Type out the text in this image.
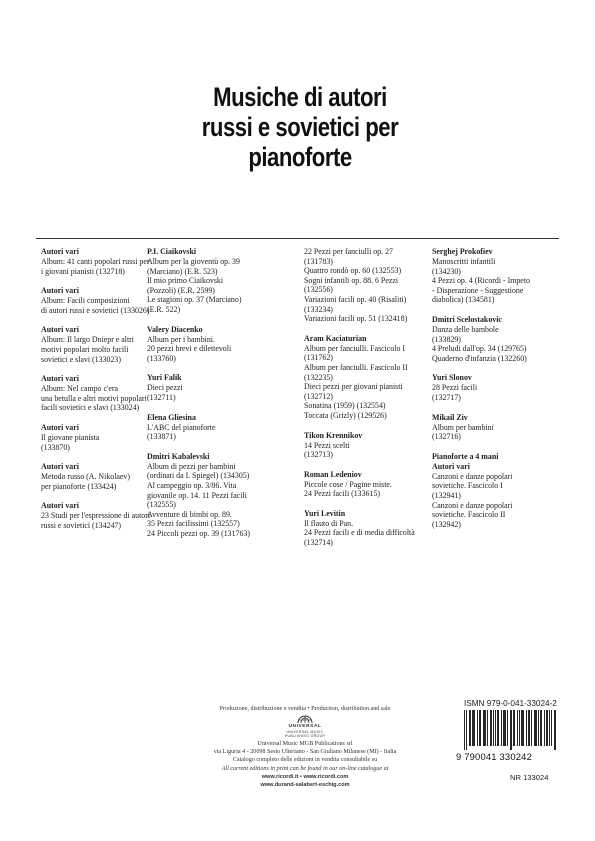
Musiche di autori
russi e sovietici per
pianoforte
Autori vari
Album: 41 canti popolari russi per
i giovani pianisti (132718)
Autori vari
Album: Facili composizioni
di autori russi e sovietici (133026)
Autori vari
Album: Il largo Dniepr e altri
motivi popolari molto facili
sovietici e slavi (133023)
Autori vari
Album: Nel campo c'era
una betulla e altri motivi popolari
facili sovietici e slavi (133024)
Autori vari
Il giovane pianista
(133870)
Autori vari
Metodo russo (A. Nikolaev)
per pianoforte (133424)
Autori vari
23 Studi per l'espressione di autori
russi e sovietici (134247)
P.I. Ciaikovski
Album per la gioventù op. 39
(Marciano) (E.R. 523)
Il mio primo Ciaikovski
(Pozzoli) (E.R. 2599)
Le stagioni op. 37 (Marciano)
(E.R. 522)
Valery Diacenko
Album per i bambini.
20 pezzi brevi e dilettevoli
(133760)
Yuri Falik
Dieci pezzi
(132711)
Elena Gliesina
L'ABC del pianoforte
(133871)
Dmitri Kabalevski
Album di pezzi per bambini
(ordinati da I. Spiegel) (134305)
Al campeggio op. 3/86. Vita
giovanile op. 14. 11 Pezzi facili
(132555)
Avventure di bimbi op. 89.
35 Pezzi facilissimi (132557)
24 Piccoli pezzi op. 39 (131763)
22 Pezzi per fanciulli op. 27
(131783)
Quattro rondò op. 60 (132553)
Sogni infantili op. 88. 6 Pezzi
(132556)
Variazioni facili op. 40 (Risaliti)
(133234)
Variazioni facili op. 51 (132418)
Aram Kaciaturian
Album per fanciulli. Fascicolo I
(131762)
Album per fanciulli. Fascicolo II
(132235)
Dieci pezzi per giovani pianisti
(132712)
Sonatina (1959) (132554)
Toccata (Grizly) (129526)
Tikon Krennikov
14 Pezzi scelti
(132713)
Roman Ledeniov
Piccole cose / Pagine miste.
24 Pezzi facili (133615)
Yuri Levitin
Il flauto di Pan.
24 Pezzi facili e di media difficoltà
(132714)
Serghej Prokofiev
Manoscritti infantili
(134230)
4 Pezzi op. 4 (Ricordi - Impeto
- Disperazione - Suggestione
diabolica) (134581)
Dmitri Scelostakovic
Danza delle bambole
(133829)
4 Preludi dall'op. 34 (129765)
Quaderno d'infanzia (132260)
Yuri Slonov
28 Pezzi facili
(132717)
Mikail Ziv
Album per bambini
(132716)
Pianoforte a 4 mani
Autori vari
Canzoni e danze popolari
sovietiche. Fascicolo I
(132941)
Canzoni e danze popolari
sovietiche. Fascicolo II
(132942)
Produzione, distribuzione e vendita • Production, distribution and sale
UNIVERSAL
UNIVERSAL MUSIC
PUBLISHING GROUP
Universal Music MGB Publications srl
via Liguria 4 - 20098 Sesto Ulteriano - San Giuliano Milanese (MI) - Italia
Catalogo completo delle edizioni in vendita consultabile su
All current editions in print can be found in our on-line catalogue at
www.ricordi.it • www.ricordi.com
www.durand-salabert-eschig.com
ISMN 979-0-041-33024-2
9 790041 330242
NR 133024
